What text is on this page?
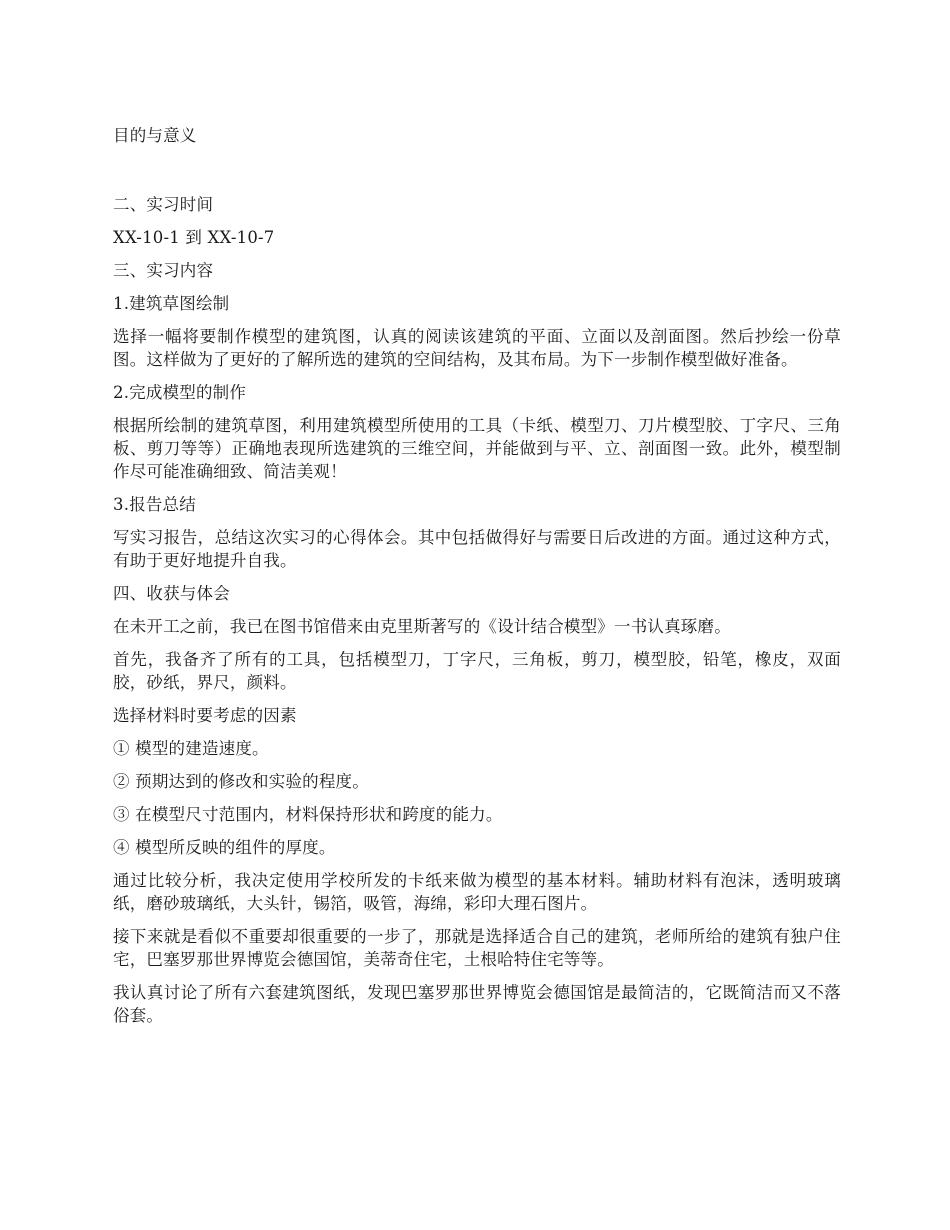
目的与意义

二、实习时间

XX-10-1 到 XX-10-7

三、实习内容

1.建筑草图绘制

选择一幅将要制作模型的建筑图，认真的阅读该建筑的平面、立面以及剖面图。然后抄绘一份草图。这样做为了更好的了解所选的建筑的空间结构，及其布局。为下一步制作模型做好准备。

2.完成模型的制作

根据所绘制的建筑草图，利用建筑模型所使用的工具（卡纸、模型刀、刀片模型胶、丁字尺、三角板、剪刀等等）正确地表现所选建筑的三维空间，并能做到与平、立、剖面图一致。此外，模型制作尽可能准确细致、简洁美观！

3.报告总结

写实习报告，总结这次实习的心得体会。其中包括做得好与需要日后改进的方面。通过这种方式，有助于更好地提升自我。

四、收获与体会

在未开工之前，我已在图书馆借来由克里斯著写的《设计结合模型》一书认真琢磨。

首先，我备齐了所有的工具，包括模型刀，丁字尺，三角板，剪刀，模型胶，铅笔，橡皮，双面胶，砂纸，界尺，颜料。

选择材料时要考虑的因素

① 模型的建造速度。

② 预期达到的修改和实验的程度。

③ 在模型尺寸范围内，材料保持形状和跨度的能力。

④ 模型所反映的组件的厚度。

通过比较分析，我决定使用学校所发的卡纸来做为模型的基本材料。辅助材料有泡沫，透明玻璃纸，磨砂玻璃纸，大头针，锡箔，吸管，海绵，彩印大理石图片。

接下来就是看似不重要却很重要的一步了，那就是选择适合自己的建筑，老师所给的建筑有独户住宅，巴塞罗那世界博览会德国馆，美蒂奇住宅，土根哈特住宅等等。

我认真讨论了所有六套建筑图纸，发现巴塞罗那世界博览会德国馆是最简洁的，它既简洁而又不落俗套。
